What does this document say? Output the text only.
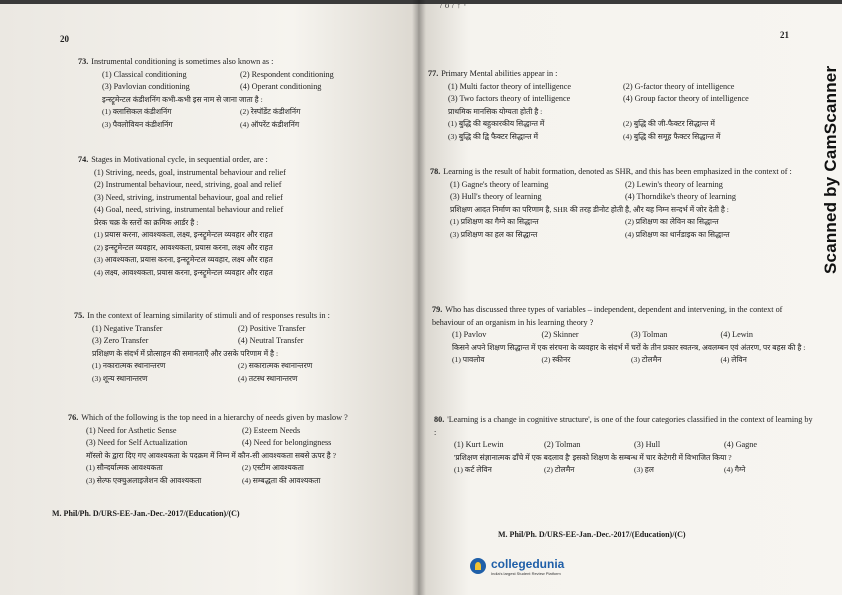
20
73. Instrumental conditioning is sometimes also known as :
(1) Classical conditioning	(2) Respondent conditioning
(3) Pavlovian conditioning	(4) Operant conditioning
इन्स्ट्रूमेन्टल कंडीशनिंग कभी-कभी इस नाम से जाना जाता है :
(1) क्लासिकल कंडीशनिंग	(2) रेस्पॉडेंट कंडीशनिंग
(3) पैवलोवियन कंडीशनिंग	(4) ऑपरेंट कंडीशनिंग
74. Stages in Motivational cycle, in sequential order, are :
(1) Striving, needs, goal, instrumental behaviour and relief
(2) Instrumental behaviour, need, striving, goal and relief
(3) Need, striving, instrumental behaviour, goal and relief
(4) Goal, need, striving, instrumental behaviour and relief
प्रेरक चक्र के स्तरों का क्रमिक आर्डर है :
(1) प्रयास करना, आवश्यकता, लक्ष्य, इन्स्ट्रूमेन्टल व्यवहार और राहत
(2) इन्स्ट्रूमेन्टल व्यवहार, आवश्यकता, प्रयास करना, लक्ष्य और राहत
(3) आवश्यकता, प्रयास करना, इन्स्ट्रूमेन्टल व्यवहार, लक्ष्य और राहत
(4) लक्ष्य, आवश्यकता, प्रयास करना, इन्स्ट्रूमेन्टल व्यवहार और राहत
75. In the context of learning similarity of stimuli and of responses results in :
(1) Negative Transfer	(2) Positive Transfer
(3) Zero Transfer	(4) Neutral Transfer
प्रशिक्षण के संदर्भ में प्रोत्साहन की समानताएँ और उसके परिणाम में है :
(1) नकारात्मक स्थानान्तरण	(2) सकारात्मक स्थानान्तरण
(3) शून्य स्थानान्तरण	(4) तटस्थ स्थानान्तरण
76. Which of the following is the top need in a hierarchy of needs given by maslow ?
(1) Need for Asthetic Sense	(2) Esteem Needs
(3) Need for Self Actualization	(4) Need for belongingness
मॉस्लो के द्वारा दिए गए आवश्यकता के पदक्रम में निम्न में कौन-सी आवश्यकता सबसे ऊपर है ?
(1) सौन्दर्यात्मक आवश्यकता	(2) एस्टीम आवश्यकता
(3) सेल्फ एक्चुअलाइजेशन की आवश्यकता	(4) सम्बद्धता की आवश्यकता
M. Phil/Ph. D/URS-EE-Jan.-Dec.-2017/(Education)/(C)
21
77. Primary Mental abilities appear in :
(1) Multi factor theory of intelligence	(2) G-factor theory of intelligence
(3) Two factors theory of intelligence	(4) Group factor theory of intelligence
प्राथमिक मानसिक योग्यता होती है :
(1) बुद्धि की बहुकारकीय सिद्धान्त में	(2) बुद्धि की जी-फैक्टर सिद्धान्त में
(3) बुद्धि की द्वि फैक्टर सिद्धान्त में	(4) बुद्धि की समूह फैक्टर सिद्धान्त में
78. Learning is the result of habit formation, denoted as SHR, and this has been emphasized in the context of :
(1) Gagne's theory of learning	(2) Lewin's theory of learning
(3) Hull's theory of learning	(4) Thorndike's theory of learning
प्रशिक्षण आदत निर्माण का परिणाम है, SHR की तरह डीनोट होती है, और यह निम्न सन्दर्भ में जोर देती है :
(1) प्रशिक्षण का गैग्ने का सिद्धान्त	(2) प्रशिक्षण का लेविन का सिद्धान्त
(3) प्रशिक्षण का हल का सिद्धान्त	(4) प्रशिक्षण का थार्नडाइक का सिद्धान्त
79. Who has discussed three types of variables – independent, dependent and intervening, in the context of behaviour of an organism in his learning theory ?
(1) Pavlov	(2) Skinner	(3) Tolman	(4) Lewin
किसने अपने शिक्षण सिद्धान्त में एक संरचना के व्यवहार के संदर्भ में चरों के तीन प्रकार स्वतन्त्र, अवलम्बन एवं अंतरण, पर बहस की है :
(1) पावलोव	(2) स्कीनर	(3) टोलमैन	(4) लेविन
80. 'Learning is a change in cognitive structure', is one of the four categories classified in the context of learning by :
(1) Kurt Lewin	(2) Tolman	(3) Hull	(4) Gagne
'प्रशिक्षण संज्ञानात्मक ढाँचे में एक बदलाव है' इसको शिक्षण के सम्बन्ध में चार केटेगरी में विभाजित किया ?
(1) कर्ट लेविन	(2) टोलमैन	(3) हल	(4) गैग्ने
M. Phil/Ph. D/URS-EE-Jan.-Dec.-2017/(Education)/(C)
/ σ / ↑ ·
Scanned by CamScanner
collegedunia
India's largest Student Review Platform
